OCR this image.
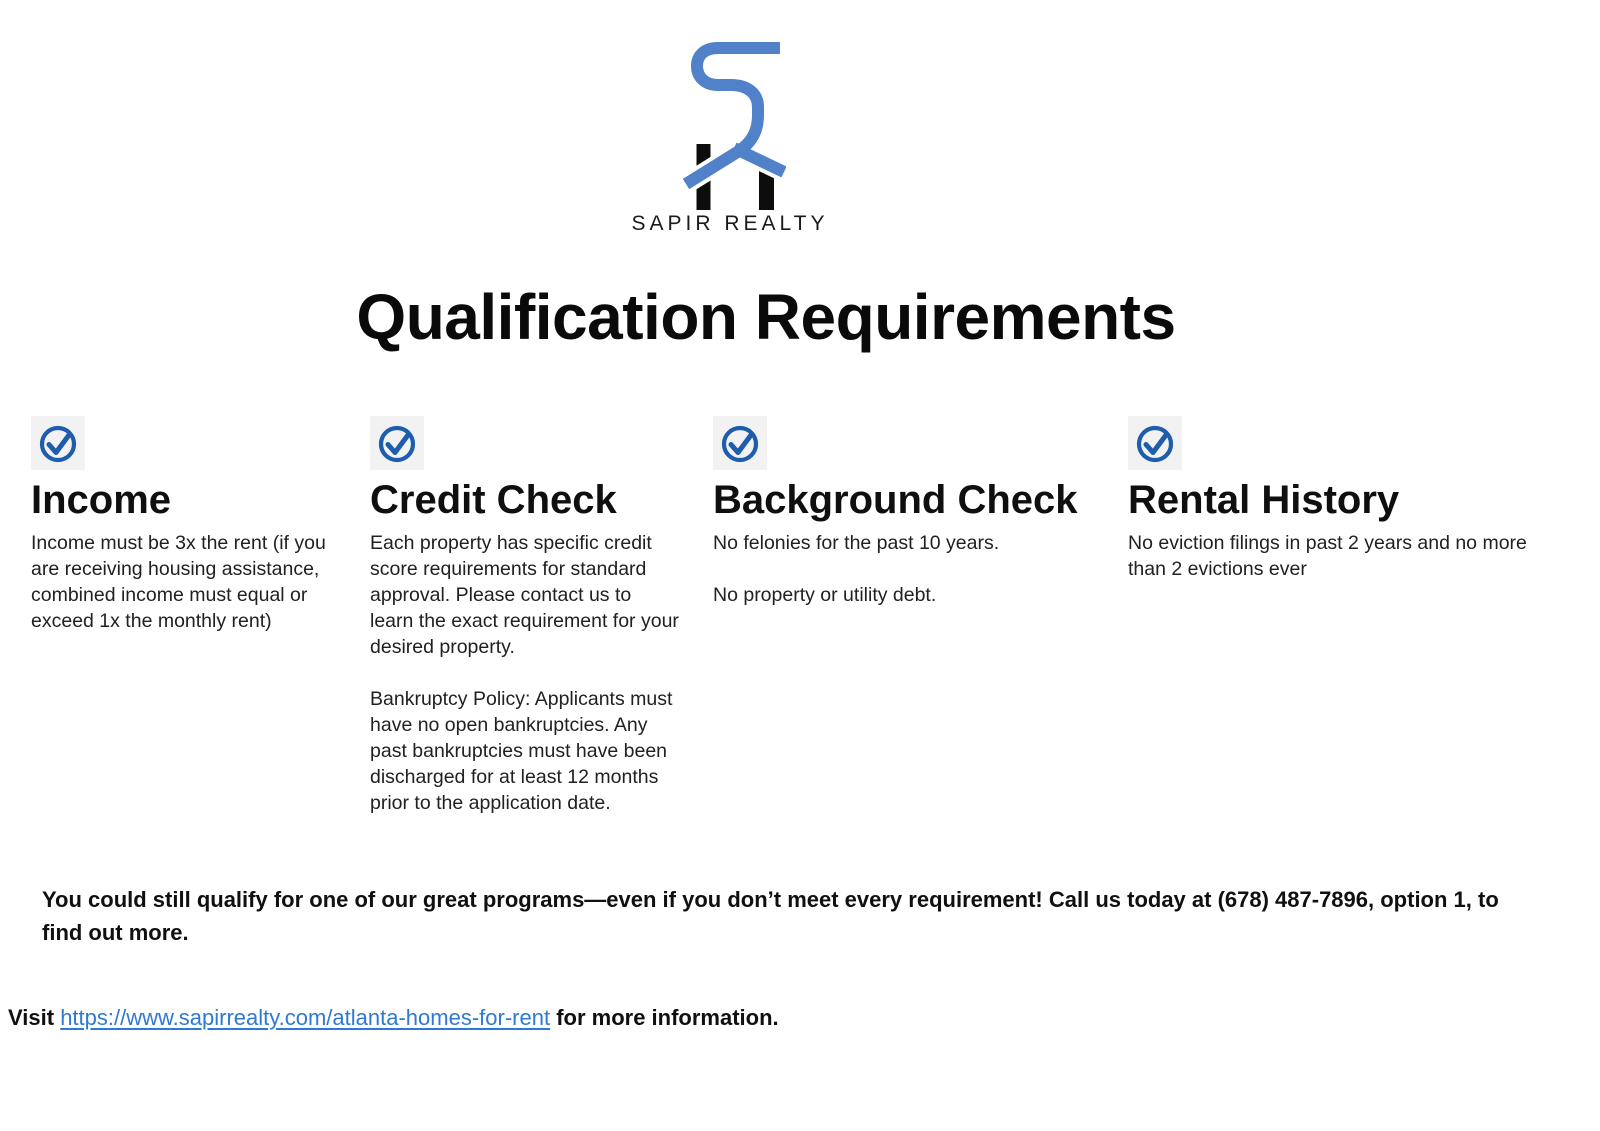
SAPIR REALTY
Qualification Requirements
Income

Income must be 3x the rent (if you are receiving housing assistance, combined income must equal or exceed 1x the monthly rent)

Credit Check

Each property has specific credit score requirements for standard approval. Please contact us to learn the exact requirement for your desired property.

Bankruptcy Policy: Applicants must have no open bankruptcies. Any past bankruptcies must have been discharged for at least 12 months prior to the application date.

Background Check

No felonies for the past 10 years.

No property or utility debt.

Rental History

No eviction filings in past 2 years and no more than 2 evictions ever

You could still qualify for one of our great programs—even if you don’t meet every requirement! Call us today at (678) 487-7896, option 1, to find out more.

Visit https://www.sapirrealty.com/atlanta-homes-for-rent for more information.
